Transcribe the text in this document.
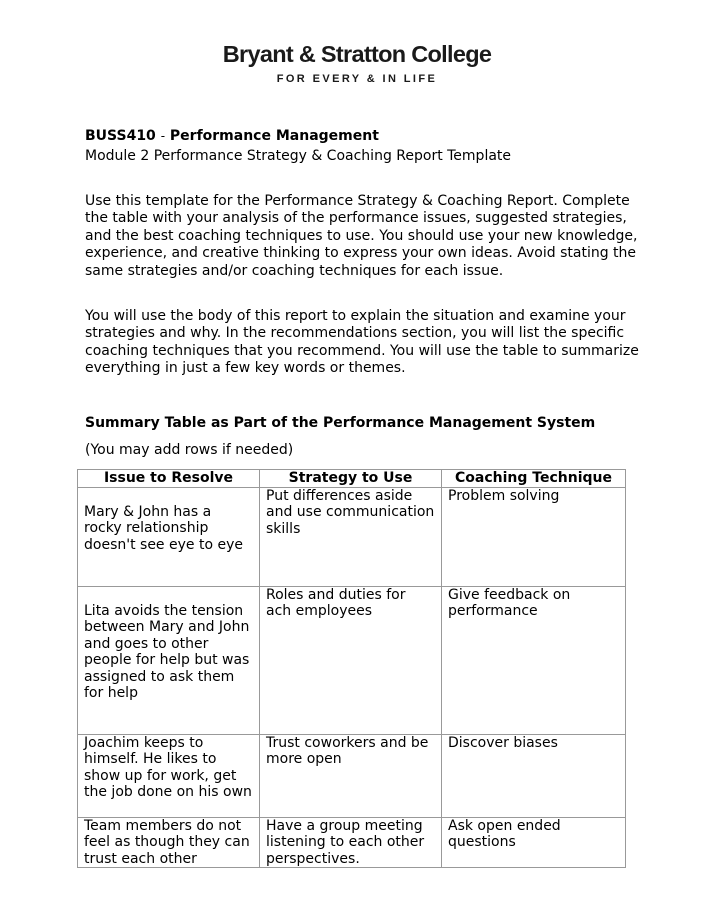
Bryant & Stratton College
FOR EVERY & IN LIFE
BUSS410 - Performance Management
Module 2 Performance Strategy & Coaching Report Template

Use this template for the Performance Strategy & Coaching Report. Complete the table with your analysis of the performance issues, suggested strategies, and the best coaching techniques to use. You should use your new knowledge, experience, and creative thinking to express your own ideas. Avoid stating the same strategies and/or coaching techniques for each issue.

You will use the body of this report to explain the situation and examine your strategies and why. In the recommendations section, you will list the specific coaching techniques that you recommend. You will use the table to summarize everything in just a few key words or themes.

Summary Table as Part of the Performance Management System
(You may add rows if needed)
Issue to Resolve	Strategy to Use	Coaching Technique
Mary & John has a rocky relationship doesn't see eye to eye	Put differences aside and use communication skills	Problem solving
Lita avoids the tension between Mary and John and goes to other people for help but was assigned to ask them for help	Roles and duties for ach employees	Give feedback on performance
Joachim keeps to himself. He likes to show up for work, get the job done on his own	Trust coworkers and be more open	Discover biases
Team members do not feel as though they can trust each other	Have a group meeting listening to each other perspectives.	Ask open ended questions
